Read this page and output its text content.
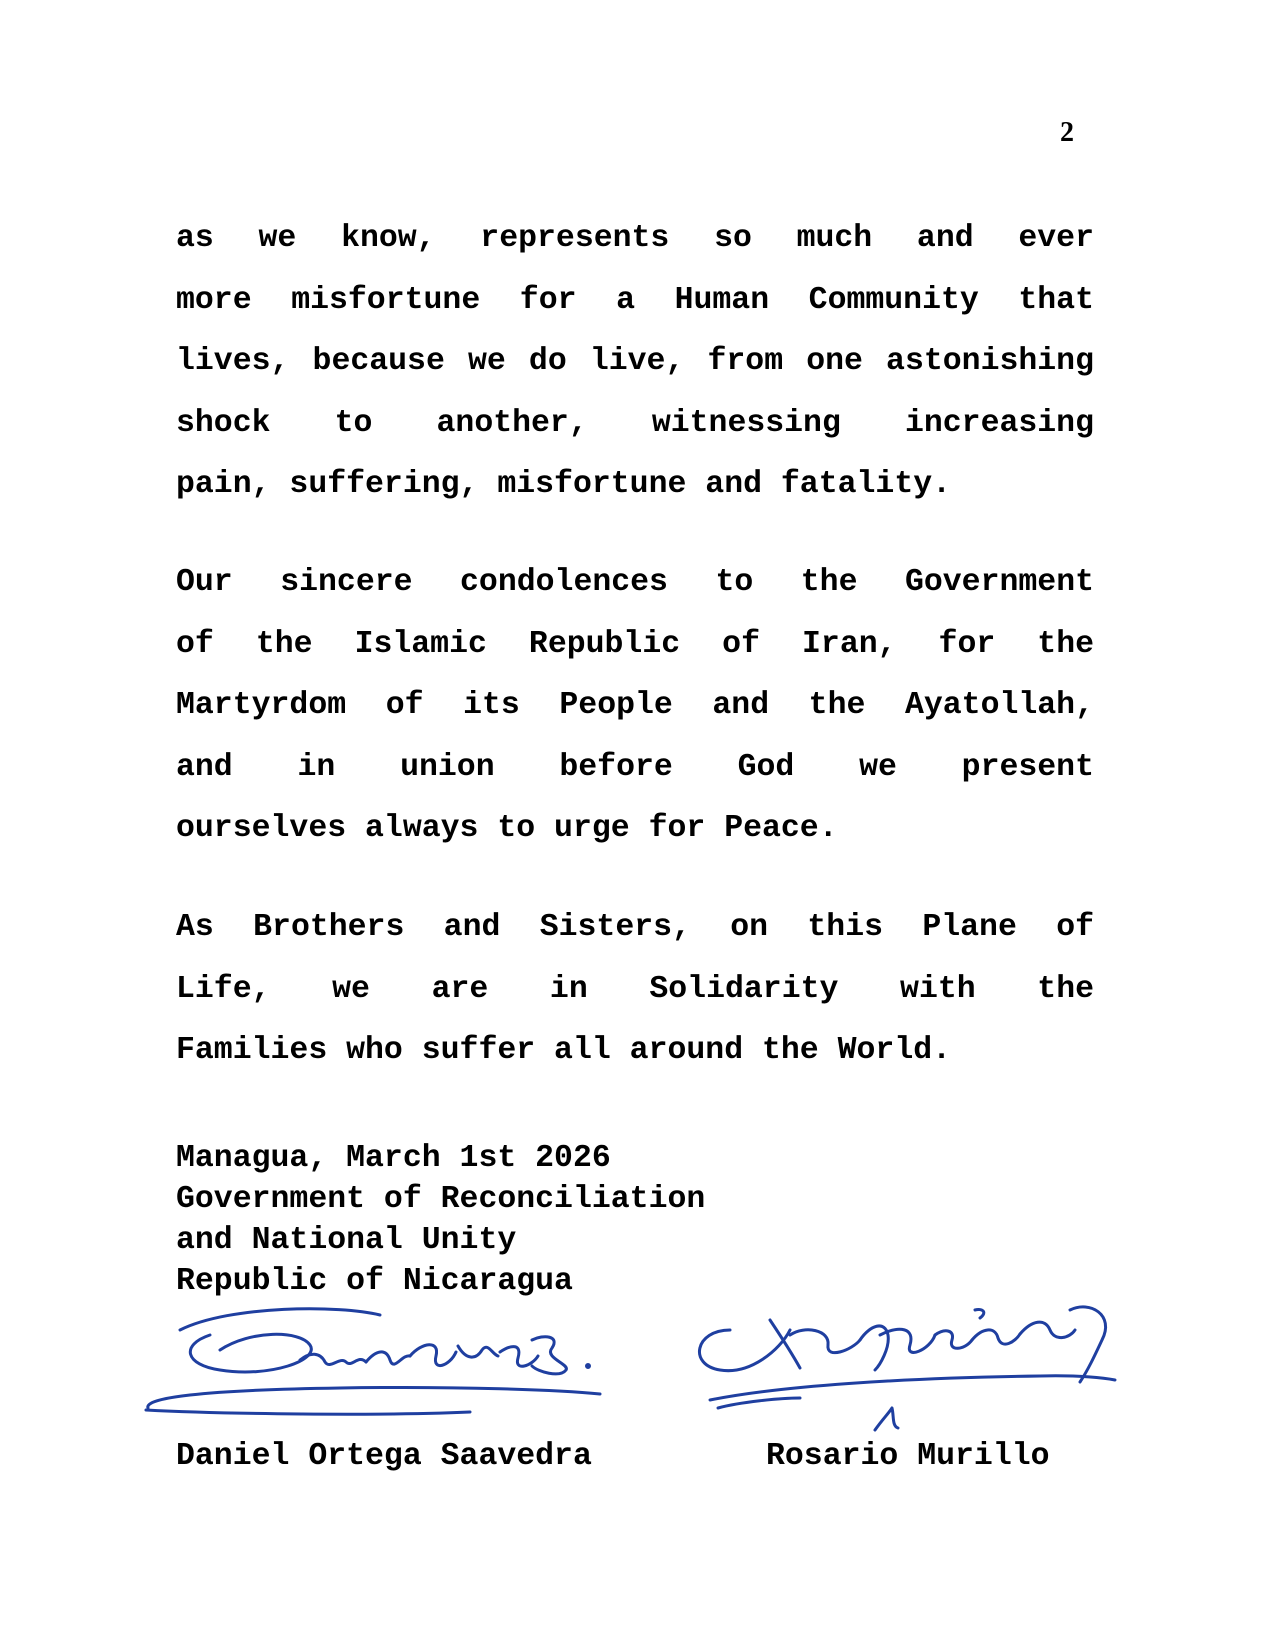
2
as we know, represents so much and ever
more misfortune for a Human Community that
lives, because we do live, from one astonishing
shock to another, witnessing increasing
pain, suffering, misfortune and fatality.
Our sincere condolences to the Government
of the Islamic Republic of Iran, for the
Martyrdom of its People and the Ayatollah,
and in union before God we present
ourselves always to urge for Peace.
As Brothers and Sisters, on this Plane of
Life, we are in Solidarity with the
Families who suffer all around the World.
Managua, March 1st 2026
Government of Reconciliation
and National Unity
Republic of Nicaragua
Daniel Ortega Saavedra	Rosario Murillo
